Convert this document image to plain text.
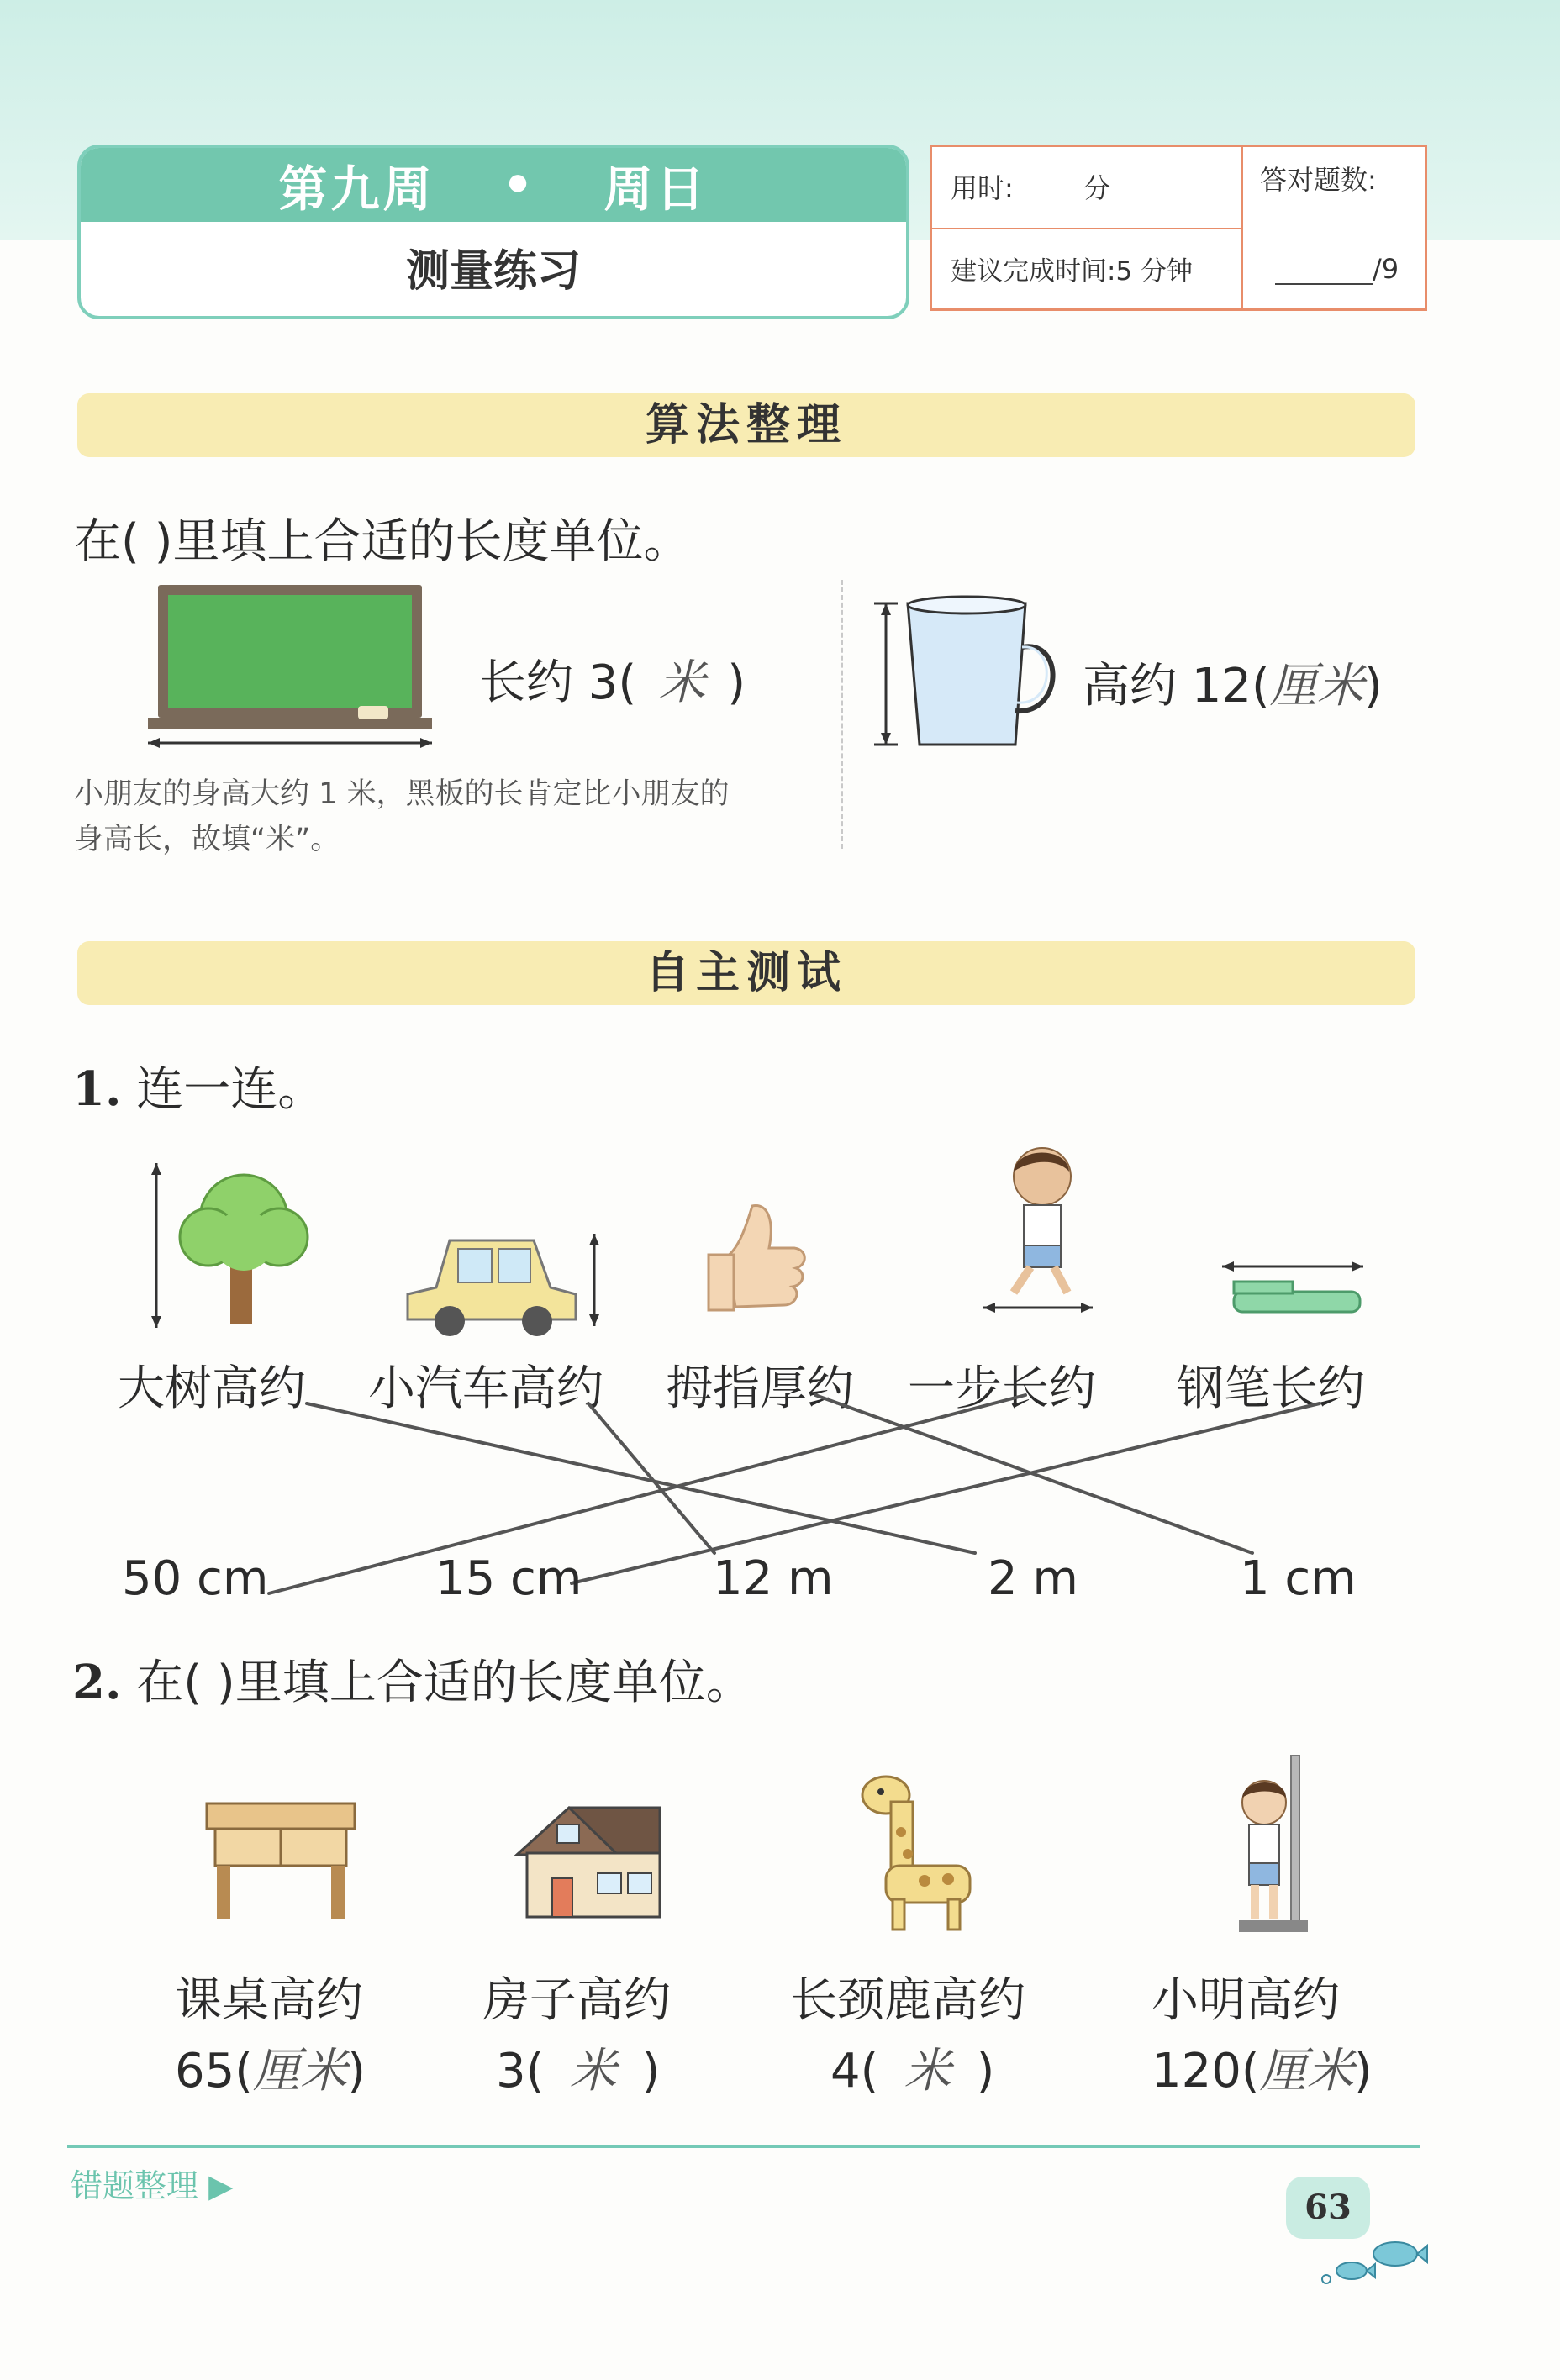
第九周 • 周日
测量练习
用时:	分
建议完成时间:5 分钟
答对题数:
/9
算法整理
在( )里填上合适的长度单位。
长约 3( 米 )	高约 12(厘米)
小朋友的身高大约 1 米，黑板的长肯定比小朋友的
身高长，故填“米”。
自主测试
1. 连一连。
大树高约 小汽车高约 拇指厚约 一步长约 钢笔长约
50 cm	15 cm	12 m	2 m	1 cm
2. 在( )里填上合适的长度单位。
课桌高约
65(厘米)
房子高约
3( 米 )
长颈鹿高约
4( 米 )
小明高约
120(厘米)
错题整理 ▶
63
